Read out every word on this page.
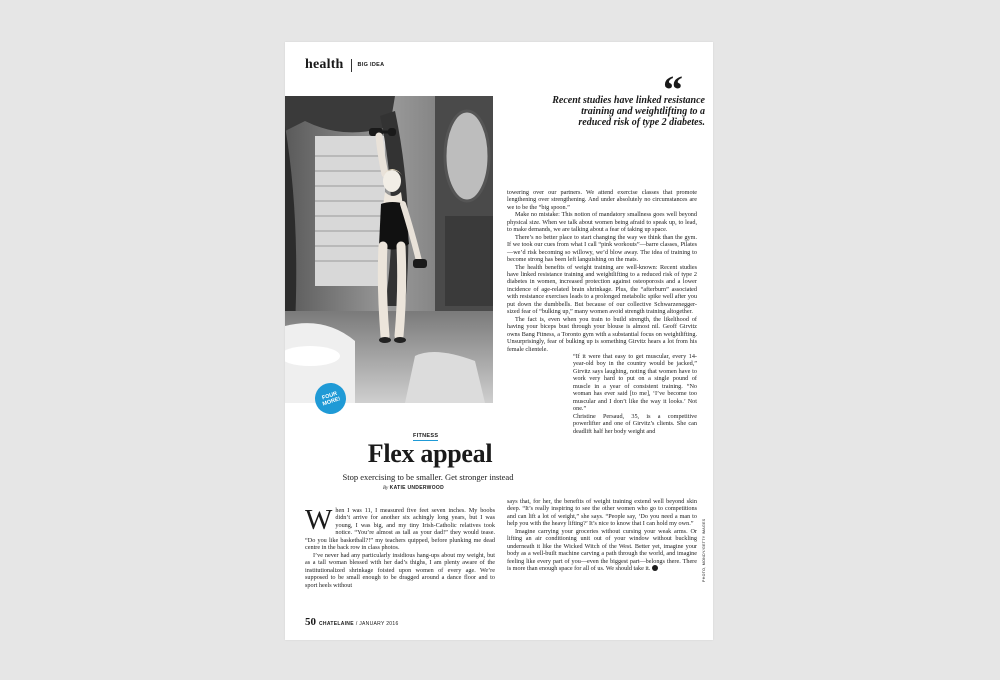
health	BIG IDEA
FOUR MORE!
“
Recent studies have linked resistance training and weightlifting to a reduced risk of type 2 diabetes.
FITNESS
Flex appeal
Stop exercising to be smaller. Get stronger instead
By KATIE UNDERWOOD

When I was 11, I measured five feet seven inches. My boobs didn’t arrive for another six achingly long years, but I was young, I was big, and my tiny Irish-Catholic relatives took notice. “You’re almost as tall as your dad!” they would tease. “Do you like basketball?!” my teachers quipped, before plunking me dead centre in the back row in class photos.

I’ve never had any particularly insidious hang-ups about my weight, but as a tall woman blessed with her dad’s thighs, I am plenty aware of the institutionalized shrinkage foisted upon women of every age. We’re supposed to be small enough to be dragged around a dance floor and to sport heels without

towering over our partners. We attend exercise classes that promote lengthening over strengthening. And under absolutely no circumstances are we to be the “big spoon.”

Make no mistake: This notion of mandatory smallness goes well beyond physical size. When we talk about women being afraid to speak up, to lead, to make demands, we are talking about a fear of taking up space.

There’s no better place to start changing the way we think than the gym. If we took our cues from what I call “pink workouts”—barre classes, Pilates—we’d risk becoming so willowy, we’d blow away. The idea of training to become strong has been left languishing on the mats.

The health benefits of weight training are well-known: Recent studies have linked resistance training and weightlifting to a reduced risk of type 2 diabetes in women, increased protection against osteoporosis and a lower incidence of age-related brain shrinkage. Plus, the “afterburn” associated with resistance exercises leads to a prolonged metabolic spike well after you put down the dumbbells. But because of our collective Schwarzenegger-sized fear of “bulking up,” many women avoid strength training altogether.

The fact is, even when you train to build strength, the likelihood of having your biceps bust through your blouse is almost nil. Geoff Girvitz owns Bang Fitness, a Toronto gym with a substantial focus on weightlifting. Unsurprisingly, fear of bulking up is something Girvitz hears a lot from his female clientele.

“If it were that easy to get muscular, every 14-year-old boy in the country would be jacked,” Girvitz says laughing, noting that women have to work very hard to put on a single pound of muscle in a year of consistent training. “No woman has ever said [to me], ‘I’ve become too muscular and I don’t like the way it looks.’ Not one.”

Christine Persaud, 35, is a competitive powerlifter and one of Girvitz’s clients. She can deadlift half her body weight and

says that, for her, the benefits of weight training extend well beyond skin deep. “It’s really inspiring to see the other women who go to competitions and can lift a lot of weight,” she says. “People say, ‘Do you need a man to help you with the heavy lifting?’ It’s nice to know that I can hold my own.”

Imagine carrying your groceries without cursing your weak arms. Or lifting an air conditioning unit out of your window without buckling underneath it like the Wicked Witch of the West. Better yet, imagine your body as a well-built machine carving a path through the world, and imagine feeling like every part of you—even the biggest part—belongs there. There is more than enough space for all of us. We should take it.

50 CHATELAINE / JANUARY 2016
PHOTO, MONDY/GETTY IMAGES
